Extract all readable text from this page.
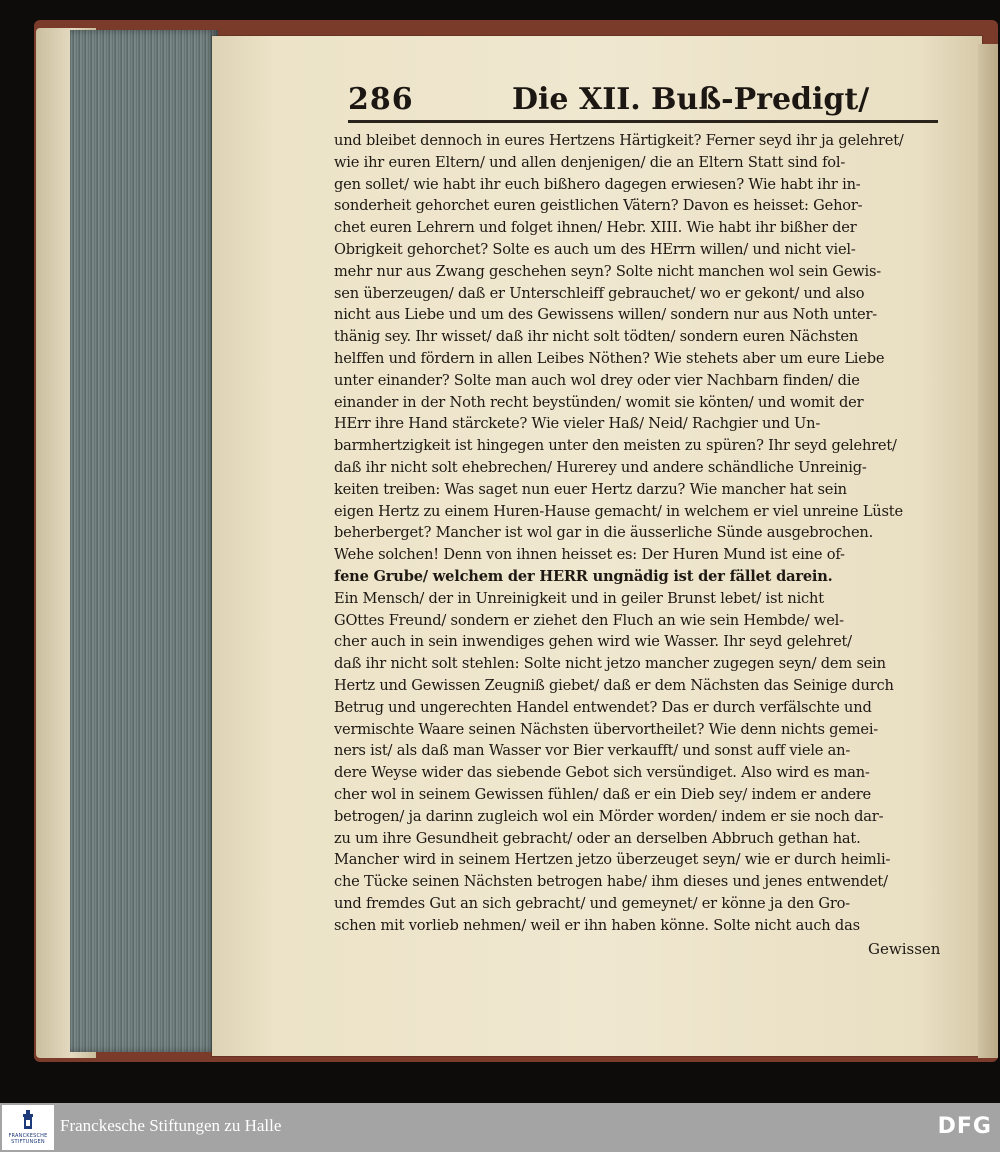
286	Die XII. Buß-Predigt/
und bleibet dennoch in eures Hertzens Härtigkeit? Ferner seyd ihr ja gelehret/
wie ihr euren Eltern/ und allen denjenigen/ die an Eltern Statt sind fol-
gen sollet/ wie habt ihr euch bißhero dagegen erwiesen? Wie habt ihr in-
sonderheit gehorchet euren geistlichen Vätern? Davon es heisset: Gehor-
chet euren Lehrern und folget ihnen/ Hebr. XIII. Wie habt ihr bißher der
Obrigkeit gehorchet? Solte es auch um des HErrn willen/ und nicht viel-
mehr nur aus Zwang geschehen seyn? Solte nicht manchen wol sein Gewis-
sen überzeugen/ daß er Unterschleiff gebrauchet/ wo er gekont/ und also
nicht aus Liebe und um des Gewissens willen/ sondern nur aus Noth unter-
thänig sey. Ihr wisset/ daß ihr nicht solt tödten/ sondern euren Nächsten
helffen und fördern in allen Leibes Nöthen? Wie stehets aber um eure Liebe
unter einander? Solte man auch wol drey oder vier Nachbarn finden/ die
einander in der Noth recht beystünden/ womit sie könten/ und womit der
HErr ihre Hand stärckete? Wie vieler Haß/ Neid/ Rachgier und Un-
barmhertzigkeit ist hingegen unter den meisten zu spüren? Ihr seyd gelehret/
daß ihr nicht solt ehebrechen/ Hurerey und andere schändliche Unreinig-
keiten treiben: Was saget nun euer Hertz darzu? Wie mancher hat sein
eigen Hertz zu einem Huren-Hause gemacht/ in welchem er viel unreine Lüste
beherberget? Mancher ist wol gar in die äusserliche Sünde ausgebrochen.
Wehe solchen! Denn von ihnen heisset es: Der Huren Mund ist eine of-
fene Grube/ welchem der HERR ungnädig ist der fället darein.
Ein Mensch/ der in Unreinigkeit und in geiler Brunst lebet/ ist nicht
GOttes Freund/ sondern er ziehet den Fluch an wie sein Hembde/ wel-
cher auch in sein inwendiges gehen wird wie Wasser. Ihr seyd gelehret/
daß ihr nicht solt stehlen: Solte nicht jetzo mancher zugegen seyn/ dem sein
Hertz und Gewissen Zeugniß giebet/ daß er dem Nächsten das Seinige durch
Betrug und ungerechten Handel entwendet? Das er durch verfälschte und
vermischte Waare seinen Nächsten übervortheilet? Wie denn nichts gemei-
ners ist/ als daß man Wasser vor Bier verkaufft/ und sonst auff viele an-
dere Weyse wider das siebende Gebot sich versündiget. Also wird es man-
cher wol in seinem Gewissen fühlen/ daß er ein Dieb sey/ indem er andere
betrogen/ ja darinn zugleich wol ein Mörder worden/ indem er sie noch dar-
zu um ihre Gesundheit gebracht/ oder an derselben Abbruch gethan hat.
Mancher wird in seinem Hertzen jetzo überzeuget seyn/ wie er durch heimli-
che Tücke seinen Nächsten betrogen habe/ ihm dieses und jenes entwendet/
und fremdes Gut an sich gebracht/ und gemeynet/ er könne ja den Gro-
schen mit vorlieb nehmen/ weil er ihn haben könne. Solte nicht auch das
Gewissen
FRANCKESCHE STIFTUNGEN
Franckesche Stiftungen zu Halle	DFG
